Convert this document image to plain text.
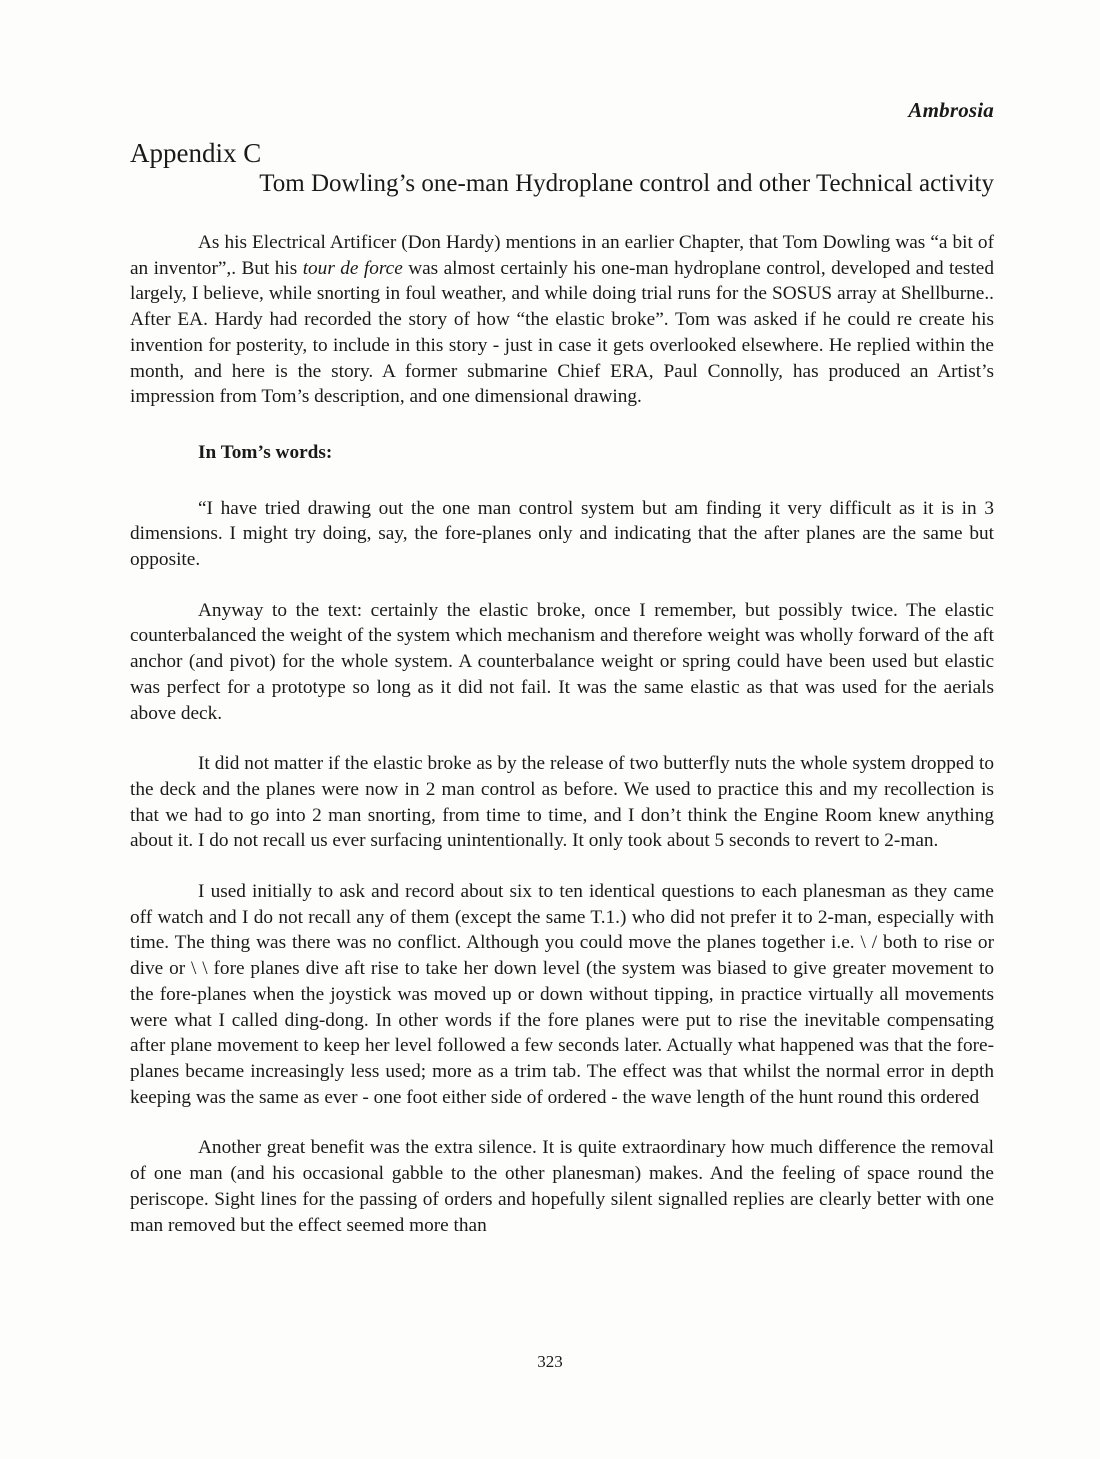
Ambrosia
Appendix C
Tom Dowling’s one-man Hydroplane control and other Technical activity

As his Electrical Artificer (Don Hardy) mentions in an earlier Chapter, that Tom Dowling was “a bit of an inventor”,. But his tour de force was almost certainly his one-man hydroplane control, developed and tested largely, I believe, while snorting in foul weather, and while doing trial runs for the SOSUS array at Shellburne.. After EA. Hardy had recorded the story of how “the elastic broke”. Tom was asked if he could re create his invention for posterity, to include in this story - just in case it gets overlooked elsewhere. He replied within the month, and here is the story. A former submarine Chief ERA, Paul Connolly, has produced an Artist’s impression from Tom’s description, and one dimensional drawing.

In Tom’s words:

“I have tried drawing out the one man control system but am finding it very difficult as it is in 3 dimensions. I might try doing, say, the fore-planes only and indicating that the after planes are the same but opposite.

Anyway to the text: certainly the elastic broke, once I remember, but possibly twice. The elastic counterbalanced the weight of the system which mechanism and therefore weight was wholly forward of the aft anchor (and pivot) for the whole system. A counterbalance weight or spring could have been used but elastic was perfect for a prototype so long as it did not fail. It was the same elastic as that was used for the aerials above deck.

It did not matter if the elastic broke as by the release of two butterfly nuts the whole system dropped to the deck and the planes were now in 2 man control as before. We used to practice this and my recollection is that we had to go into 2 man snorting, from time to time, and I don’t think the Engine Room knew anything about it. I do not recall us ever surfacing unintentionally. It only took about 5 seconds to revert to 2-man.

I used initially to ask and record about six to ten identical questions to each planesman as they came off watch and I do not recall any of them (except the same T.1.) who did not prefer it to 2-man, especially with time. The thing was there was no conflict. Although you could move the planes together i.e. \ / both to rise or dive or \ \ fore planes dive aft rise to take her down level (the system was biased to give greater movement to the fore-planes when the joystick was moved up or down without tipping, in practice virtually all movements were what I called ding-dong. In other words if the fore planes were put to rise the inevitable compensating after plane movement to keep her level followed a few seconds later. Actually what happened was that the fore-planes became increasingly less used; more as a trim tab. The effect was that whilst the normal error in depth keeping was the same as ever - one foot either side of ordered - the wave length of the hunt round this ordered

Another great benefit was the extra silence. It is quite extraordinary how much difference the removal of one man (and his occasional gabble to the other planesman) makes. And the feeling of space round the periscope. Sight lines for the passing of orders and hopefully silent signalled replies are clearly better with one man removed but the effect seemed more than

323
